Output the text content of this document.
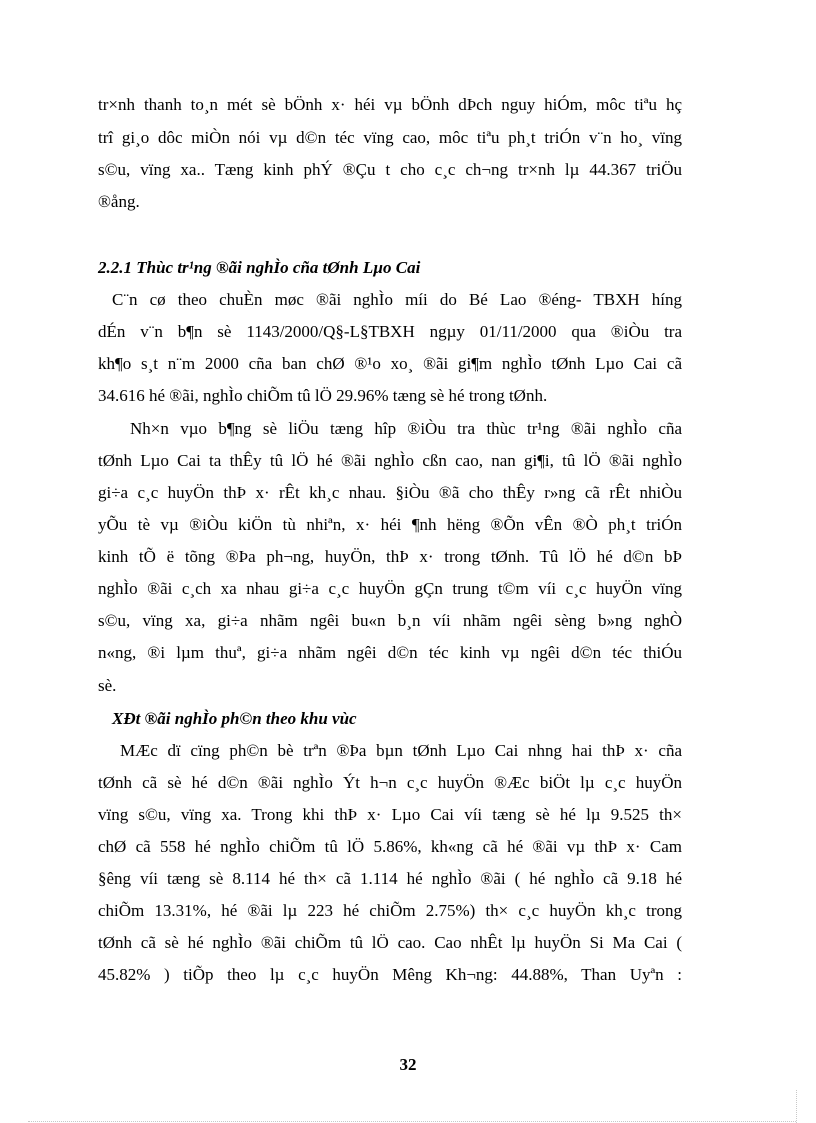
tr×nh thanh to¸n mét sè bÖnh x· héi vµ bÖnh dÞch nguy hiÓm, môc tiªu hç
trî gi¸o dôc miÒn nói vµ d©n téc vïng cao, môc tiªu ph¸t triÓn v¨n ho¸ vïng
s©u, vïng xa.. Tæng kinh phÝ ®Çu t cho c¸c ch¬ng tr×nh lµ 44.367 triÖu
®ång.
2.2.1 Thùc tr¹ng ®ãi nghÌo cña tØnh Lµo Cai
C¨n cø theo chuÈn møc ®ãi nghÌo míi do Bé Lao ®éng- TBXH híng
dÉn v¨n b¶n sè 1143/2000/Q§-L§TBXH ngµy 01/11/2000 qua ®iÒu tra
kh¶o s¸t n¨m 2000 cña ban chØ ®¹o xo¸ ®ãi gi¶m nghÌo tØnh Lµo Cai cã
34.616 hé ®ãi, nghÌo chiÕm tû lÖ 29.96% tæng sè hé trong tØnh.
Nh×n vµo b¶ng sè liÖu tæng hîp ®iÒu tra thùc tr¹ng ®ãi nghÌo cña
tØnh Lµo Cai ta thÊy tû lÖ hé ®ãi nghÌo cßn cao, nan gi¶i, tû lÖ ®ãi nghÌo
gi÷a c¸c huyÖn thÞ x· rÊt kh¸c nhau. §iÒu ®ã cho thÊy r»ng cã rÊt nhiÒu
yÕu tè vµ ®iÒu kiÖn tù nhiªn, x· héi ¶nh hëng ®Õn vÊn ®Ò ph¸t triÓn
kinh tÕ ë tõng ®Þa ph¬ng, huyÖn, thÞ x· trong tØnh. Tû lÖ hé d©n bÞ
nghÌo ®ãi c¸ch xa nhau gi÷a c¸c huyÖn gÇn trung t©m víi c¸c huyÖn vïng
s©u, vïng xa, gi÷a nhãm ngêi bu«n b¸n víi nhãm ngêi sèng b»ng nghÒ
n«ng, ®i lµm thuª, gi÷a nhãm ngêi d©n téc kinh vµ ngêi d©n téc thiÓu
sè.
XÐt ®ãi nghÌo ph©n theo khu vùc
MÆc dï cïng ph©n bè trªn ®Þa bµn tØnh Lµo Cai nhng hai thÞ x· cña
tØnh cã sè hé d©n ®ãi nghÌo Ýt h¬n c¸c huyÖn ®Æc biÖt lµ c¸c huyÖn
vïng s©u, vïng xa. Trong khi thÞ x· Lµo Cai víi tæng sè hé lµ 9.525 th×
chØ cã 558 hé nghÌo chiÕm tû lÖ 5.86%, kh«ng cã hé ®ãi vµ thÞ x· Cam
§êng víi tæng sè 8.114 hé th× cã 1.114 hé nghÌo ®ãi ( hé nghÌo cã 9.18 hé
chiÕm 13.31%, hé ®ãi lµ 223 hé chiÕm 2.75%) th× c¸c huyÖn kh¸c trong
tØnh cã sè hé nghÌo ®ãi chiÕm tû lÖ cao. Cao nhÊt lµ huyÖn Si Ma Cai (
45.82% ) tiÕp theo lµ c¸c huyÖn Mêng Kh¬ng: 44.88%, Than Uyªn :
32
